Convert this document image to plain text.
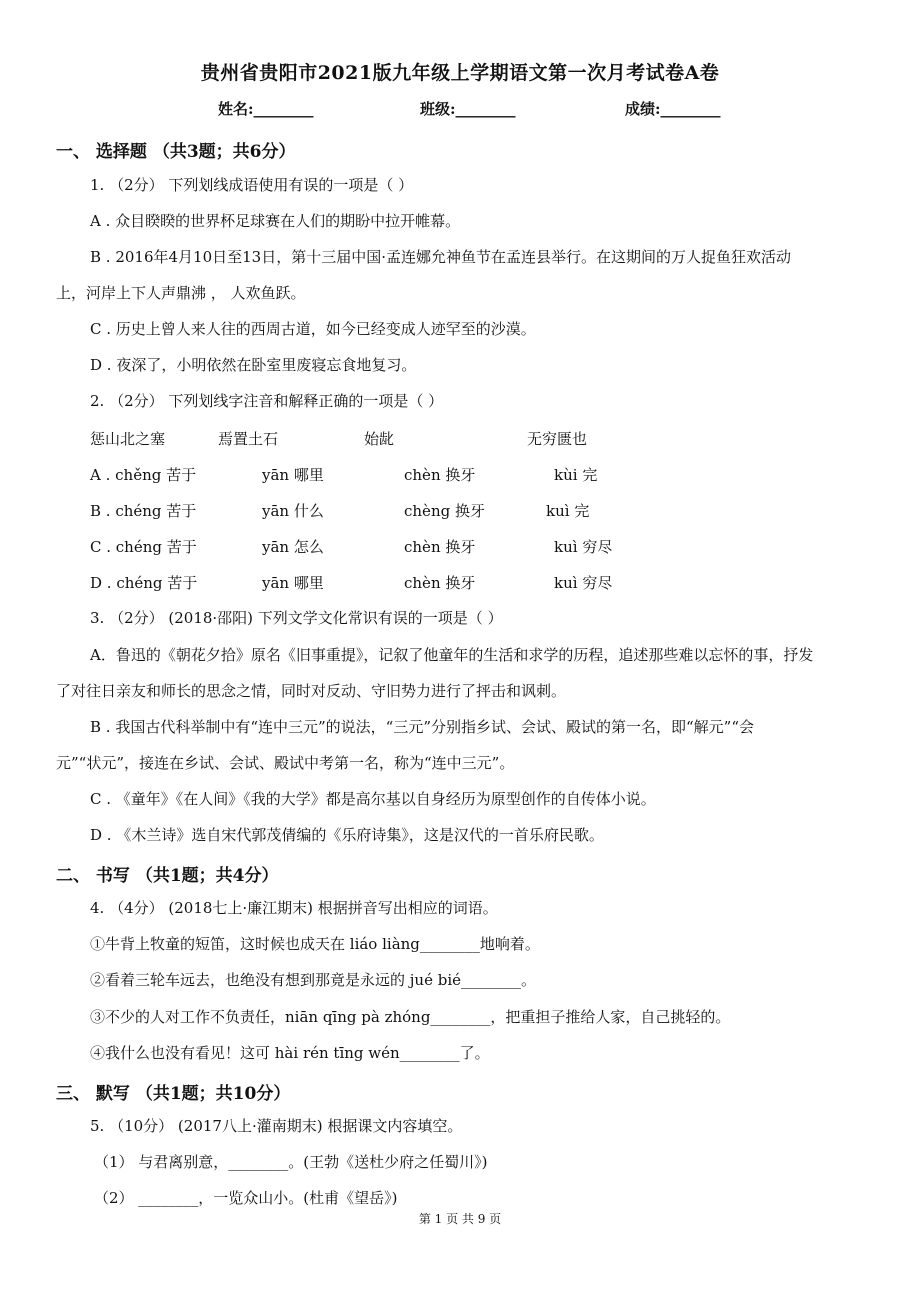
贵州省贵阳市2021版九年级上学期语文第一次月考试卷A卷
姓名:________	班级:________	成绩:________
一、 选择题 （共3题；共6分）
1. （2分） 下列划线成语使用有误的一项是（ ）
A . 众目睽睽的世界杯足球赛在人们的期盼中拉开帷幕。
B . 2016年4月10日至13日，第十三届中国·孟连娜允神鱼节在孟连县举行。在这期间的万人捉鱼狂欢活动
上，河岸上下人声鼎沸 ， 人欢鱼跃。
C . 历史上曾人来人往的西周古道，如今已经变成人迹罕至的沙漠。
D . 夜深了，小明依然在卧室里废寝忘食地复习。
2. （2分） 下列划线字注音和解释正确的一项是（ ）
惩山北之塞	焉置土石	始龀	无穷匮也
A . chěng 苦于	yān 哪里	chèn 换牙	kùi 完
B . chéng 苦于	yān 什么	chèng 换牙	kuì 完
C . chéng 苦于	yān 怎么	chèn 换牙	kuì 穷尽
D . chéng 苦于	yān 哪里	chèn 换牙	kuì 穷尽
3. （2分） (2018·邵阳) 下列文学文化常识有误的一项是（ ）
A．鲁迅的《朝花夕拾》原名《旧事重提》，记叙了他童年的生活和求学的历程，追述那些难以忘怀的事，抒发
了对往日亲友和师长的思念之情，同时对反动、守旧势力进行了抨击和讽刺。
B . 我国古代科举制中有“连中三元”的说法，“三元”分别指乡试、会试、殿试的第一名，即“解元”“会
元”“状元”，接连在乡试、会试、殿试中考第一名，称为“连中三元”。
C . 《童年》《在人间》《我的大学》都是高尔基以自身经历为原型创作的自传体小说。
D . 《木兰诗》选自宋代郭茂倩编的《乐府诗集》，这是汉代的一首乐府民歌。
二、 书写 （共1题；共4分）
4. （4分） (2018七上·廉江期末) 根据拼音写出相应的词语。
①牛背上牧童的短笛，这时候也成天在 liáo liàng________地响着。
②看着三轮车远去，也绝没有想到那竟是永远的 jué bié________。
③不少的人对工作不负责任，niān qīng pà zhóng________，把重担子推给人家，自己挑轻的。
④我什么也没有看见！这可 hài rén tīng wén________了。
三、 默写 （共1题；共10分）
5. （10分） (2017八上·灌南期末) 根据课文内容填空。
（1） 与君离别意，________。(王勃《送杜少府之任蜀川》)
（2） ________，一览众山小。(杜甫《望岳》)
第 1 页 共 9 页
